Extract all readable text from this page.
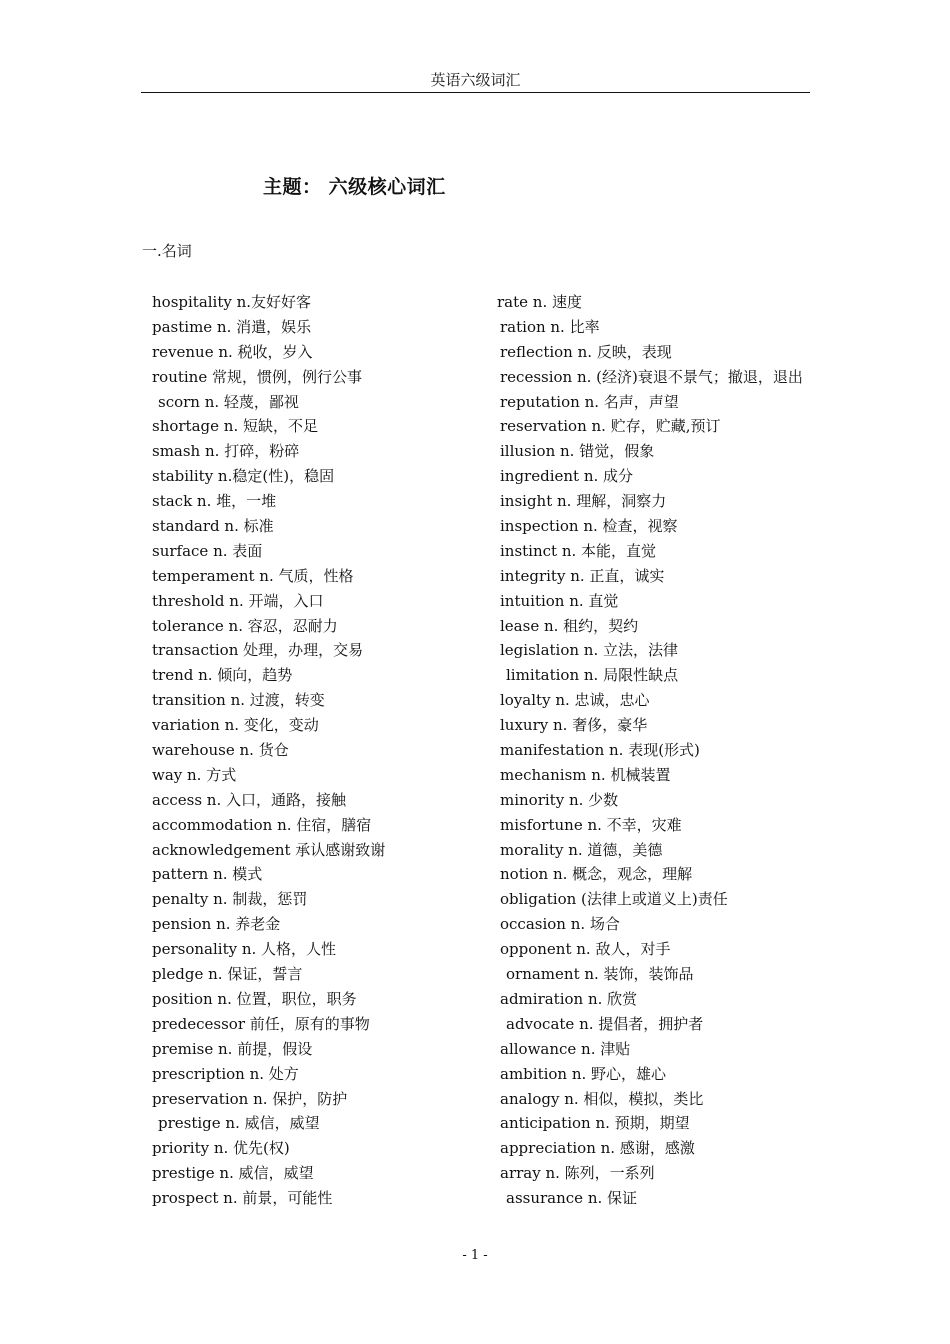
英语六级词汇
主题： 六级核心词汇
一.名词
hospitality n.友好好客
pastime n. 消遣，娱乐
revenue n. 税收，岁入
routine 常规，惯例，例行公事
scorn n. 轻蔑，鄙视
shortage n. 短缺，不足
smash n. 打碎，粉碎
stability n.稳定(性)，稳固
stack n. 堆，一堆
standard n. 标准
surface n. 表面
temperament n. 气质，性格
threshold n. 开端，入口
tolerance n. 容忍，忍耐力
transaction 处理，办理，交易
trend n. 倾向，趋势
transition n. 过渡，转变
variation n. 变化，变动
warehouse n. 货仓
way n. 方式
access n. 入口，通路，接触
accommodation n. 住宿，膳宿
acknowledgement 承认感谢致谢
pattern n. 模式
penalty n. 制裁，惩罚
pension n. 养老金
personality n. 人格，人性
pledge n. 保证，誓言
position n. 位置，职位，职务
predecessor 前任，原有的事物
premise n. 前提，假设
prescription n. 处方
preservation n. 保护，防护
prestige n. 威信，威望
priority n. 优先(权)
prestige n. 威信，威望
prospect n. 前景，可能性
rate n. 速度
ration n. 比率
reflection n. 反映，表现
recession n. (经济)衰退不景气；撤退，退出
reputation n. 名声，声望
reservation n. 贮存，贮藏,预订
illusion n. 错觉，假象
ingredient n. 成分
insight n. 理解，洞察力
inspection n. 检查，视察
instinct n. 本能，直觉
integrity n. 正直，诚实
intuition n. 直觉
lease n. 租约，契约
legislation n. 立法，法律
limitation n. 局限性缺点
loyalty n. 忠诚，忠心
luxury n. 奢侈，豪华
manifestation n. 表现(形式)
mechanism n. 机械装置
minority n. 少数
misfortune n. 不幸，灾难
morality n. 道德，美德
notion n. 概念，观念，理解
obligation (法律上或道义上)责任
occasion n. 场合
opponent n. 敌人，对手
ornament n. 装饰，装饰品
admiration n. 欣赏
advocate n. 提倡者，拥护者
allowance n. 津贴
ambition n. 野心，雄心
analogy n. 相似，模拟，类比
anticipation n. 预期，期望
appreciation n. 感谢，感激
array n. 陈列，一系列
assurance n. 保证
- 1 -
